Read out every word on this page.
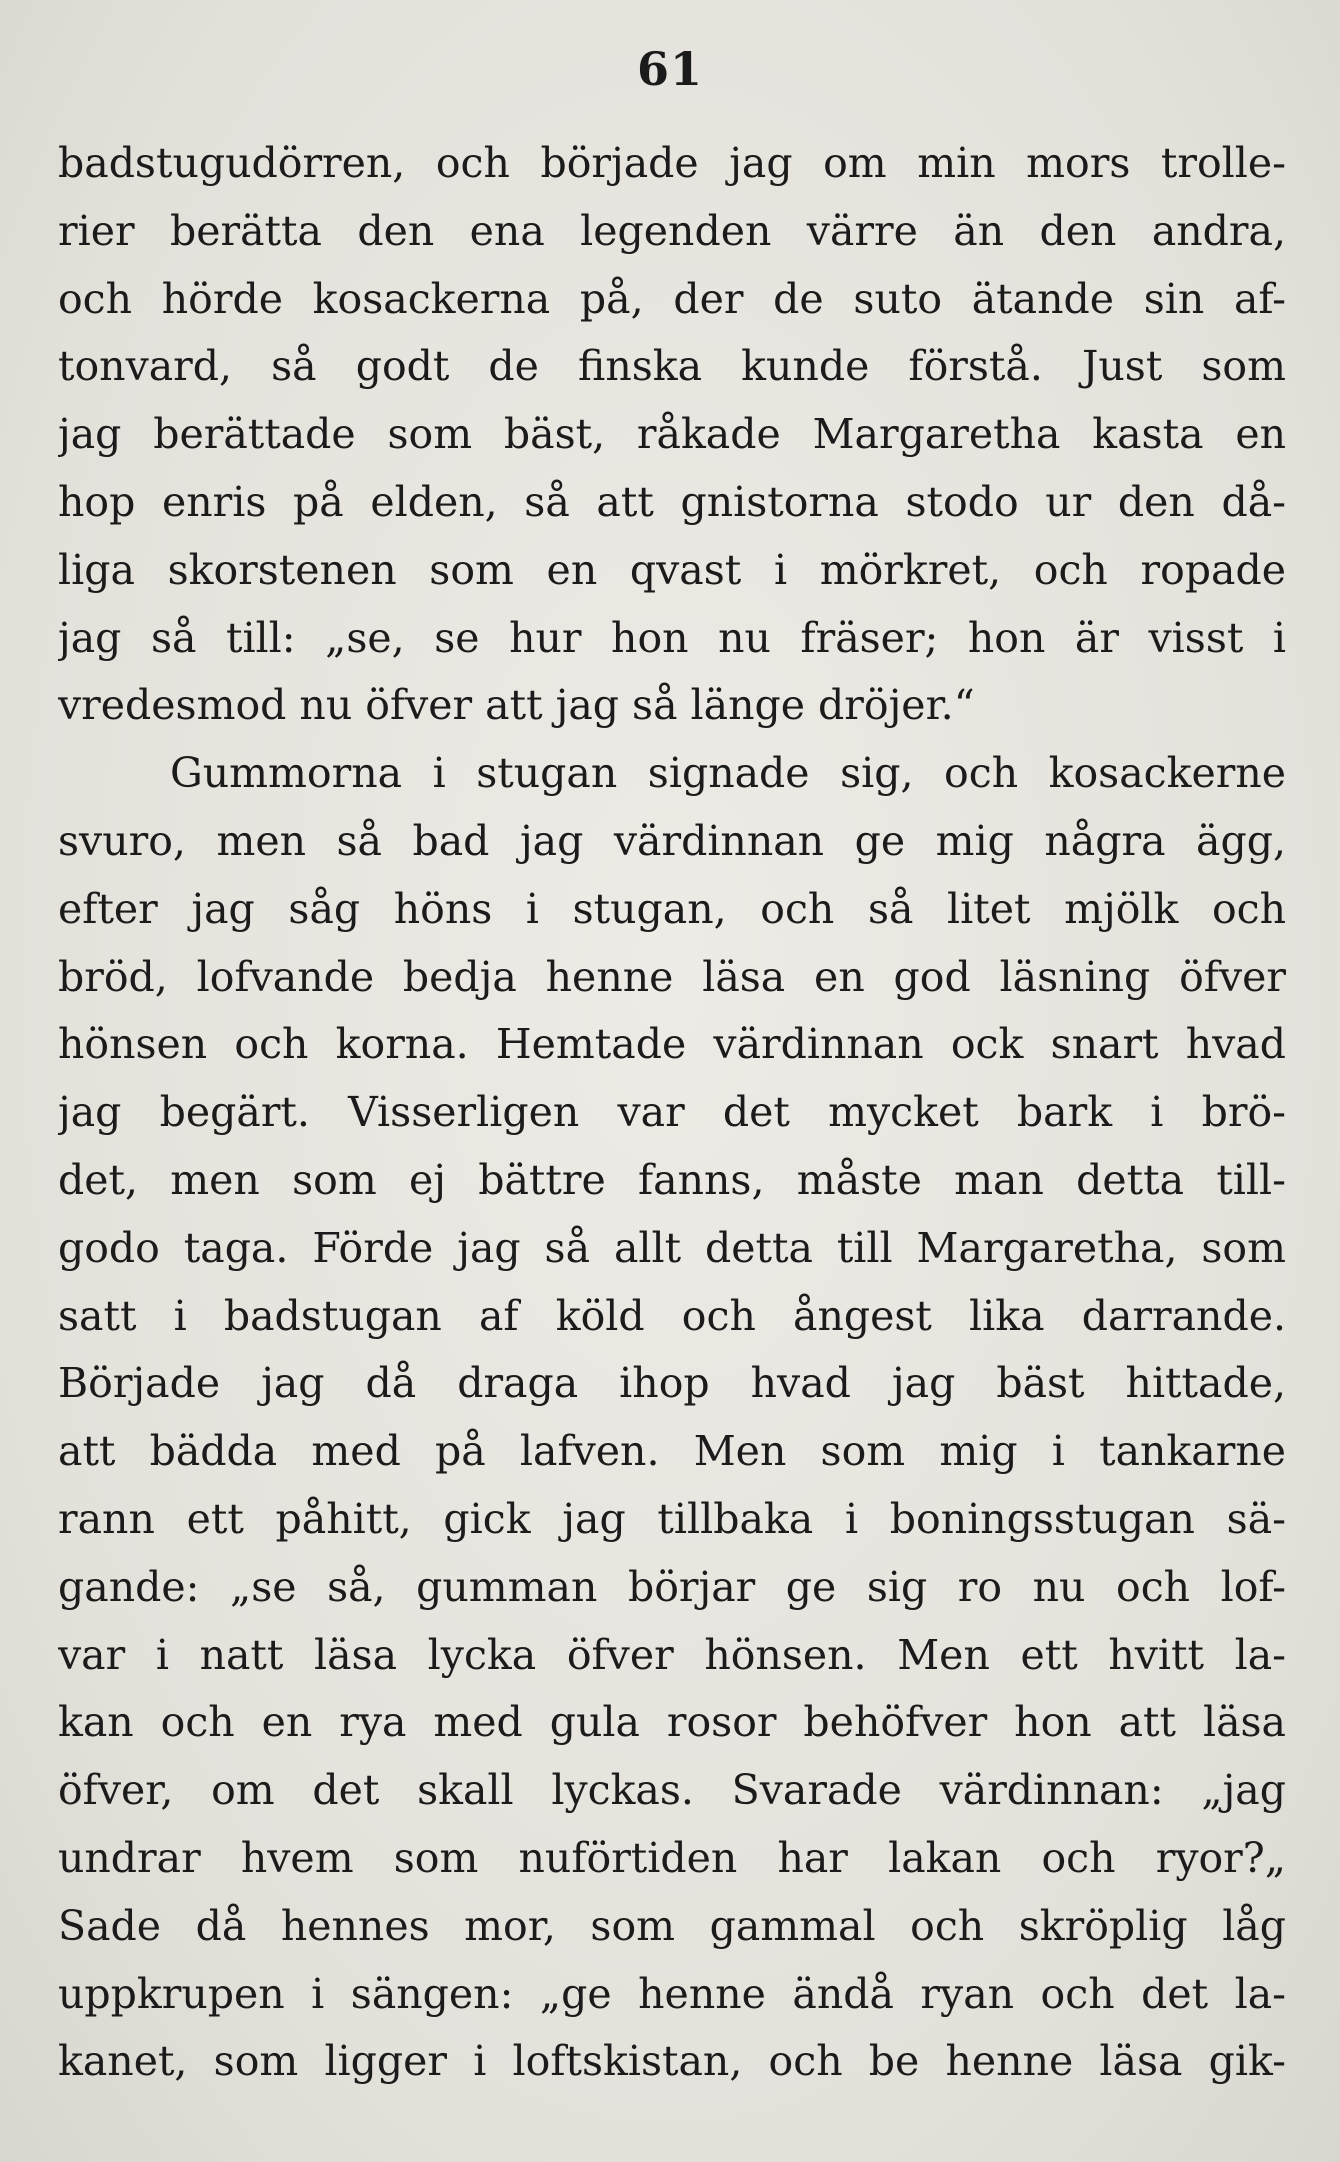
61
badstugudörren, och började jag om min mors trolle-
rier berätta den ena legenden värre än den andra,
och hörde kosackerna på, der de suto ätande sin af-
tonvard, så godt de finska kunde förstå. Just som
jag berättade som bäst, råkade Margaretha kasta en
hop enris på elden, så att gnistorna stodo ur den då-
liga skorstenen som en qvast i mörkret, och ropade
jag så till: „se, se hur hon nu fräser; hon är visst i
vredesmod nu öfver att jag så länge dröjer.“
Gummorna i stugan signade sig, och kosackerne
svuro, men så bad jag värdinnan ge mig några ägg,
efter jag såg höns i stugan, och så litet mjölk och
bröd, lofvande bedja henne läsa en god läsning öfver
hönsen och korna. Hemtade värdinnan ock snart hvad
jag begärt. Visserligen var det mycket bark i brö-
det, men som ej bättre fanns, måste man detta till-
godo taga. Förde jag så allt detta till Margaretha, som
satt i badstugan af köld och ångest lika darrande.
Började jag då draga ihop hvad jag bäst hittade,
att bädda med på lafven. Men som mig i tankarne
rann ett påhitt, gick jag tillbaka i boningsstugan sä-
gande: „se så, gumman börjar ge sig ro nu och lof-
var i natt läsa lycka öfver hönsen. Men ett hvitt la-
kan och en rya med gula rosor behöfver hon att läsa
öfver, om det skall lyckas. Svarade värdinnan: „jag
undrar hvem som nuförtiden har lakan och ryor?„
Sade då hennes mor, som gammal och skröplig låg
uppkrupen i sängen: „ge henne ändå ryan och det la-
kanet, som ligger i loftskistan, och be henne läsa gik-
